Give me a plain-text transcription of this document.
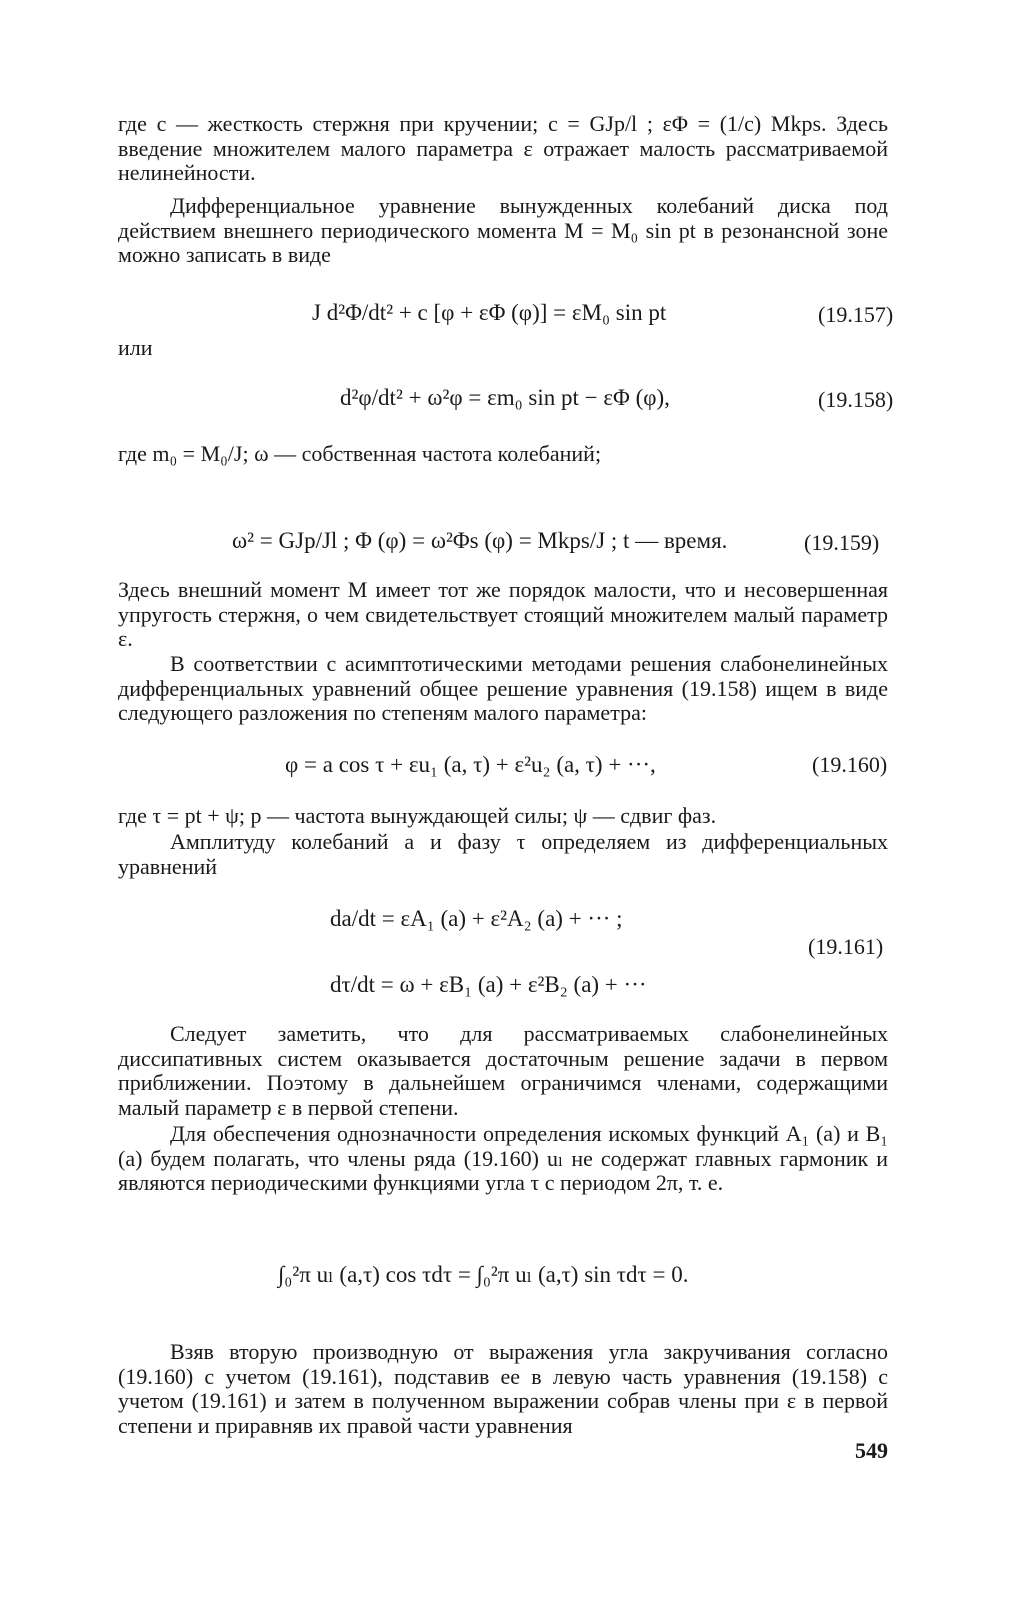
где c — жесткость стержня при кручении; c = GJp/l ; εΦ = (1/c) Mkps. Здесь введение множителем малого параметра ε отражает малость рассматриваемой нелинейности.

Дифференциальное уравнение вынужденных колебаний диска под действием внешнего периодического момента M = M₀ sin pt в резонансной зоне можно записать в виде

J d²Φ/dt² + c [φ + εΦ (φ)] = εM₀ sin pt	(19.157)

или

d²φ/dt² + ω²φ = εm₀ sin pt − εΦ (φ),	(19.158)

где m₀ = M₀/J; ω — собственная частота колебаний;

ω² = GJp/Jl ; Φ (φ) = ω²Φs (φ) = Mkps/J ; t — время.	(19.159)

Здесь внешний момент M имеет тот же порядок малости, что и несовершенная упругость стержня, о чем свидетельствует стоящий множителем малый параметр ε.

В соответствии с асимптотическими методами решения слабонелинейных дифференциальных уравнений общее решение уравнения (19.158) ищем в виде следующего разложения по степеням малого параметра:

φ = a cos τ + εu₁ (a, τ) + ε²u₂ (a, τ) + ···,	(19.160)

где τ = pt + ψ; p — частота вынуждающей силы; ψ — сдвиг фаз.

Амплитуду колебаний a и фазу τ определяем из дифференциальных уравнений

da/dt = εA₁ (a) + ε²A₂ (a) + ··· ;
dτ/dt = ω + εB₁ (a) + ε²B₂ (a) + ···
(19.161)

Следует заметить, что для рассматриваемых слабонелинейных диссипативных систем оказывается достаточным решение задачи в первом приближении. Поэтому в дальнейшем ограничимся членами, содержащими малый параметр ε в первой степени.

Для обеспечения однозначности определения искомых функций A₁ (a) и B₁ (a) будем полагать, что члены ряда (19.160) uₗ не содержат главных гармоник и являются периодическими функциями угла τ с периодом 2π, т. е.

∫₀²π uₗ (a,τ) cos τdτ = ∫₀²π uₗ (a,τ) sin τdτ = 0.

Взяв вторую производную от выражения угла закручивания согласно (19.160) с учетом (19.161), подставив ее в левую часть уравнения (19.158) с учетом (19.161) и затем в полученном выражении собрав члены при ε в первой степени и приравняв их правой части уравнения

549
